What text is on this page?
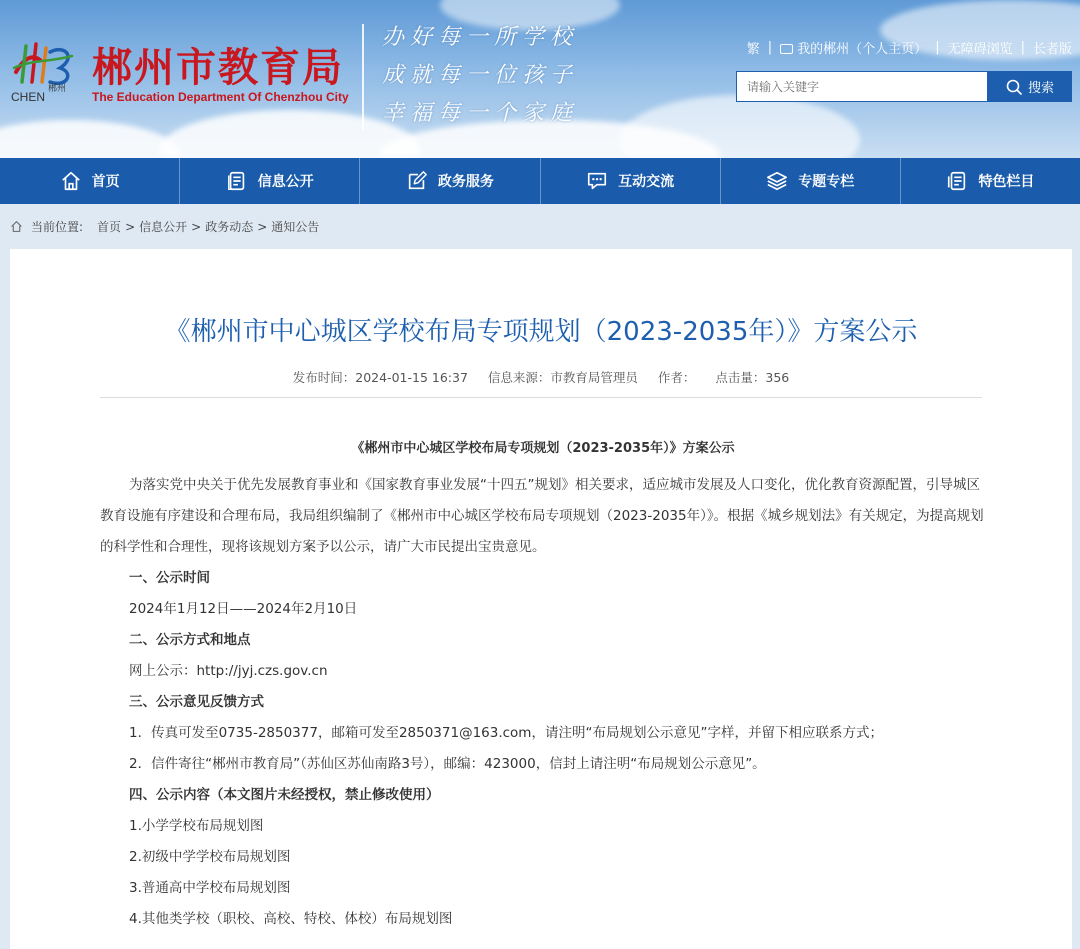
郴州
CHEN
郴州市教育局
The Education Department Of Chenzhou City
办好每一所学校
成就每一位孩子
幸福每一个家庭
繁 |	我的郴州（个人主页） | 无障碍浏览 | 长者版
请输入关键字
搜索
首页	信息公开	政务服务	互动交流	专题专栏	特色栏目
当前位置: 首页 > 信息公开 > 政务动态 > 通知公告
《郴州市中心城区学校布局专项规划（2023-2035年）》方案公示
发布时间：2024-01-15 16:37 信息来源：市教育局管理员 作者： 点击量：356
《郴州市中心城区学校布局专项规划（2023-2035年）》方案公示
为落实党中央关于优先发展教育事业和《国家教育事业发展“十四五”规划》相关要求，适应城市发展及人口变化，优化教育资源配置，引导城区教育设施有序建设和合理布局，我局组织编制了《郴州市中心城区学校布局专项规划（2023-2035年）》。根据《城乡规划法》有关规定，为提高规划的科学性和合理性，现将该规划方案予以公示，请广大市民提出宝贵意见。
一、公示时间
2024年1月12日——2024年2月10日
二、公示方式和地点
网上公示：http://jyj.czs.gov.cn
三、公示意见反馈方式
1．传真可发至0735-2850377，邮箱可发至2850371@163.com，请注明“布局规划公示意见”字样，并留下相应联系方式；
2．信件寄往“郴州市教育局”（苏仙区苏仙南路3号），邮编：423000，信封上请注明“布局规划公示意见”。
四、公示内容（本文图片未经授权，禁止修改使用）
1.小学学校布局规划图
2.初级中学学校布局规划图
3.普通高中学校布局规划图
4.其他类学校（职校、高校、特校、体校）布局规划图
